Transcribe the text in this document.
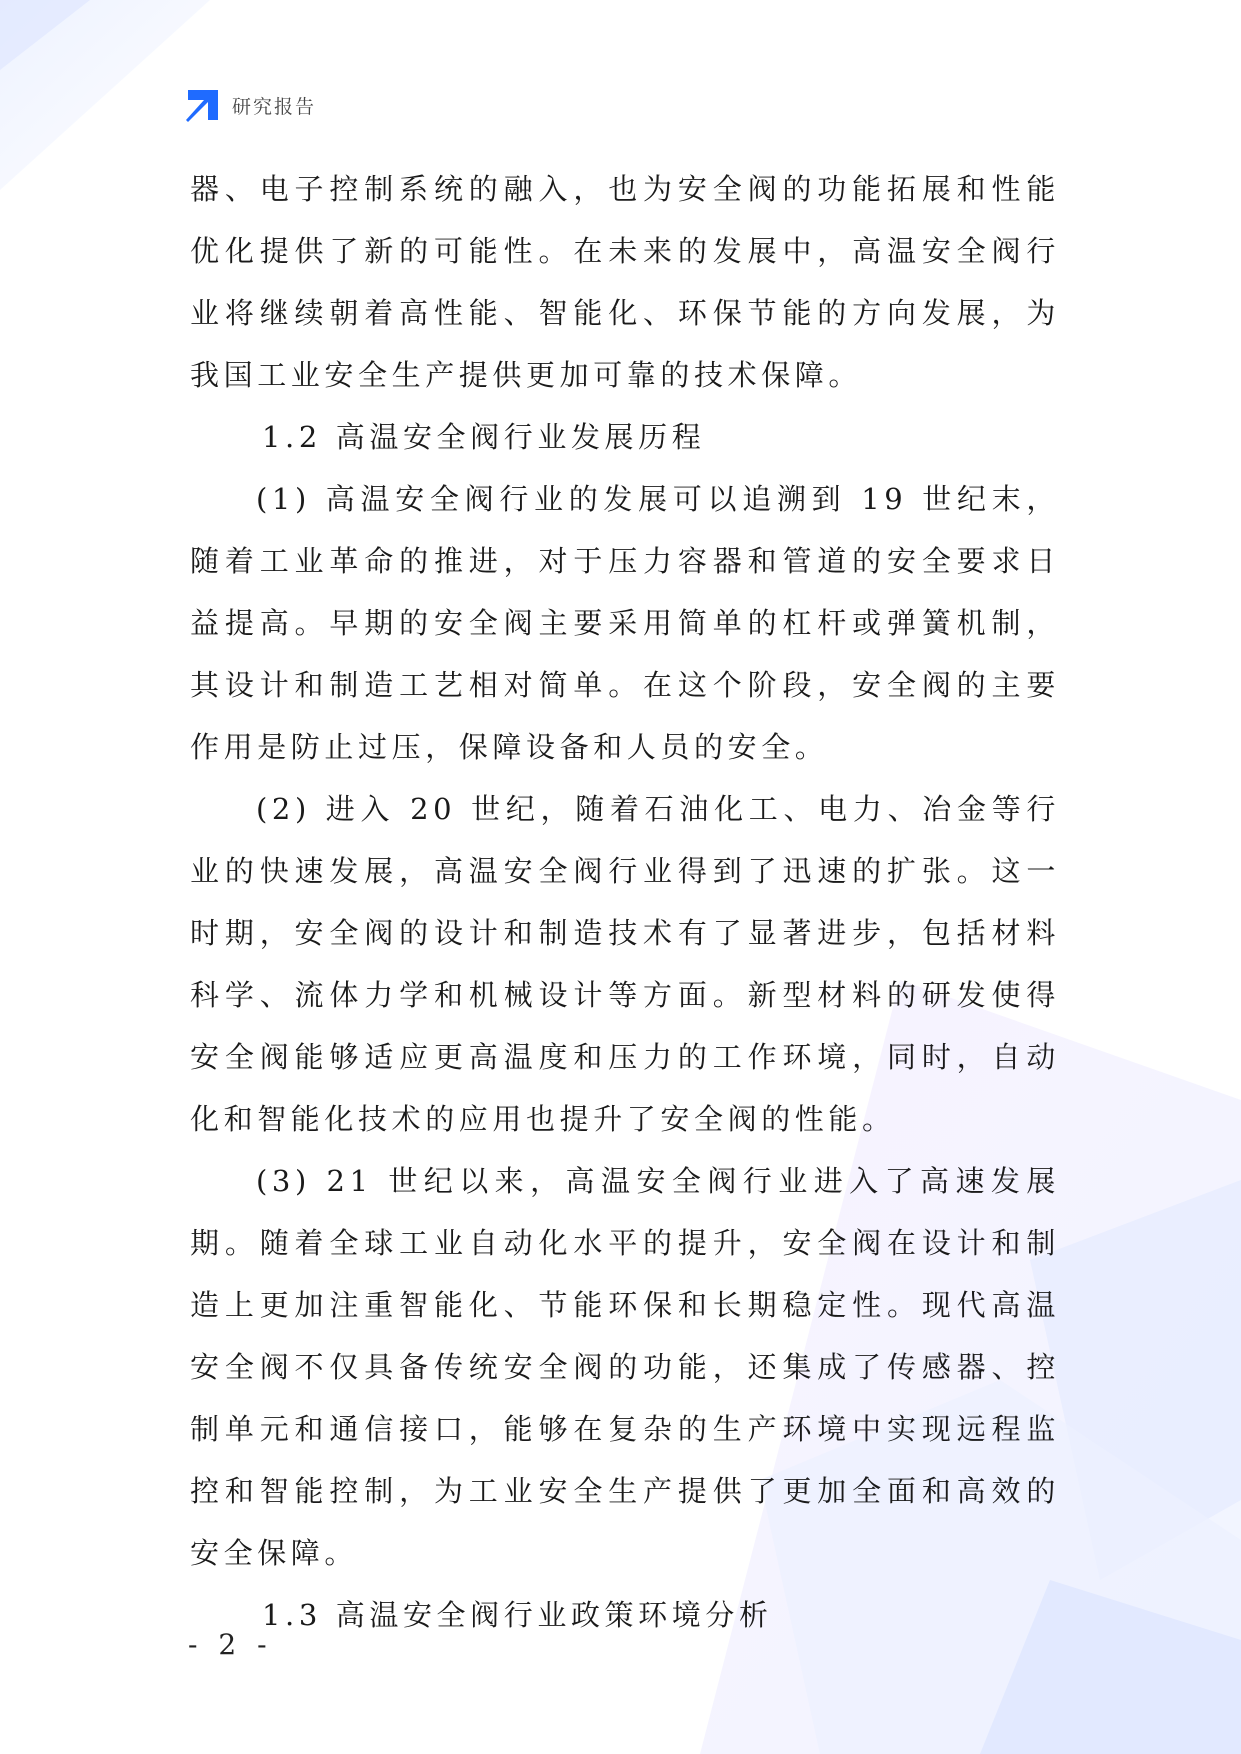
研究报告

器、电子控制系统的融入，也为安全阀的功能拓展和性能优化提供了新的可能性。在未来的发展中，高温安全阀行业将继续朝着高性能、智能化、环保节能的方向发展，为我国工业安全生产提供更加可靠的技术保障。

1.2 高温安全阀行业发展历程

(1) 高温安全阀行业的发展可以追溯到 19 世纪末，随着工业革命的推进，对于压力容器和管道的安全要求日益提高。早期的安全阀主要采用简单的杠杆或弹簧机制，其设计和制造工艺相对简单。在这个阶段，安全阀的主要作用是防止过压，保障设备和人员的安全。

(2) 进入 20 世纪，随着石油化工、电力、冶金等行业的快速发展，高温安全阀行业得到了迅速的扩张。这一时期，安全阀的设计和制造技术有了显著进步，包括材料科学、流体力学和机械设计等方面。新型材料的研发使得安全阀能够适应更高温度和压力的工作环境，同时，自动化和智能化技术的应用也提升了安全阀的性能。

(3) 21 世纪以来，高温安全阀行业进入了高速发展期。随着全球工业自动化水平的提升，安全阀在设计和制造上更加注重智能化、节能环保和长期稳定性。现代高温安全阀不仅具备传统安全阀的功能，还集成了传感器、控制单元和通信接口，能够在复杂的生产环境中实现远程监控和智能控制，为工业安全生产提供了更加全面和高效的安全保障。

1.3 高温安全阀行业政策环境分析

- 2 -
